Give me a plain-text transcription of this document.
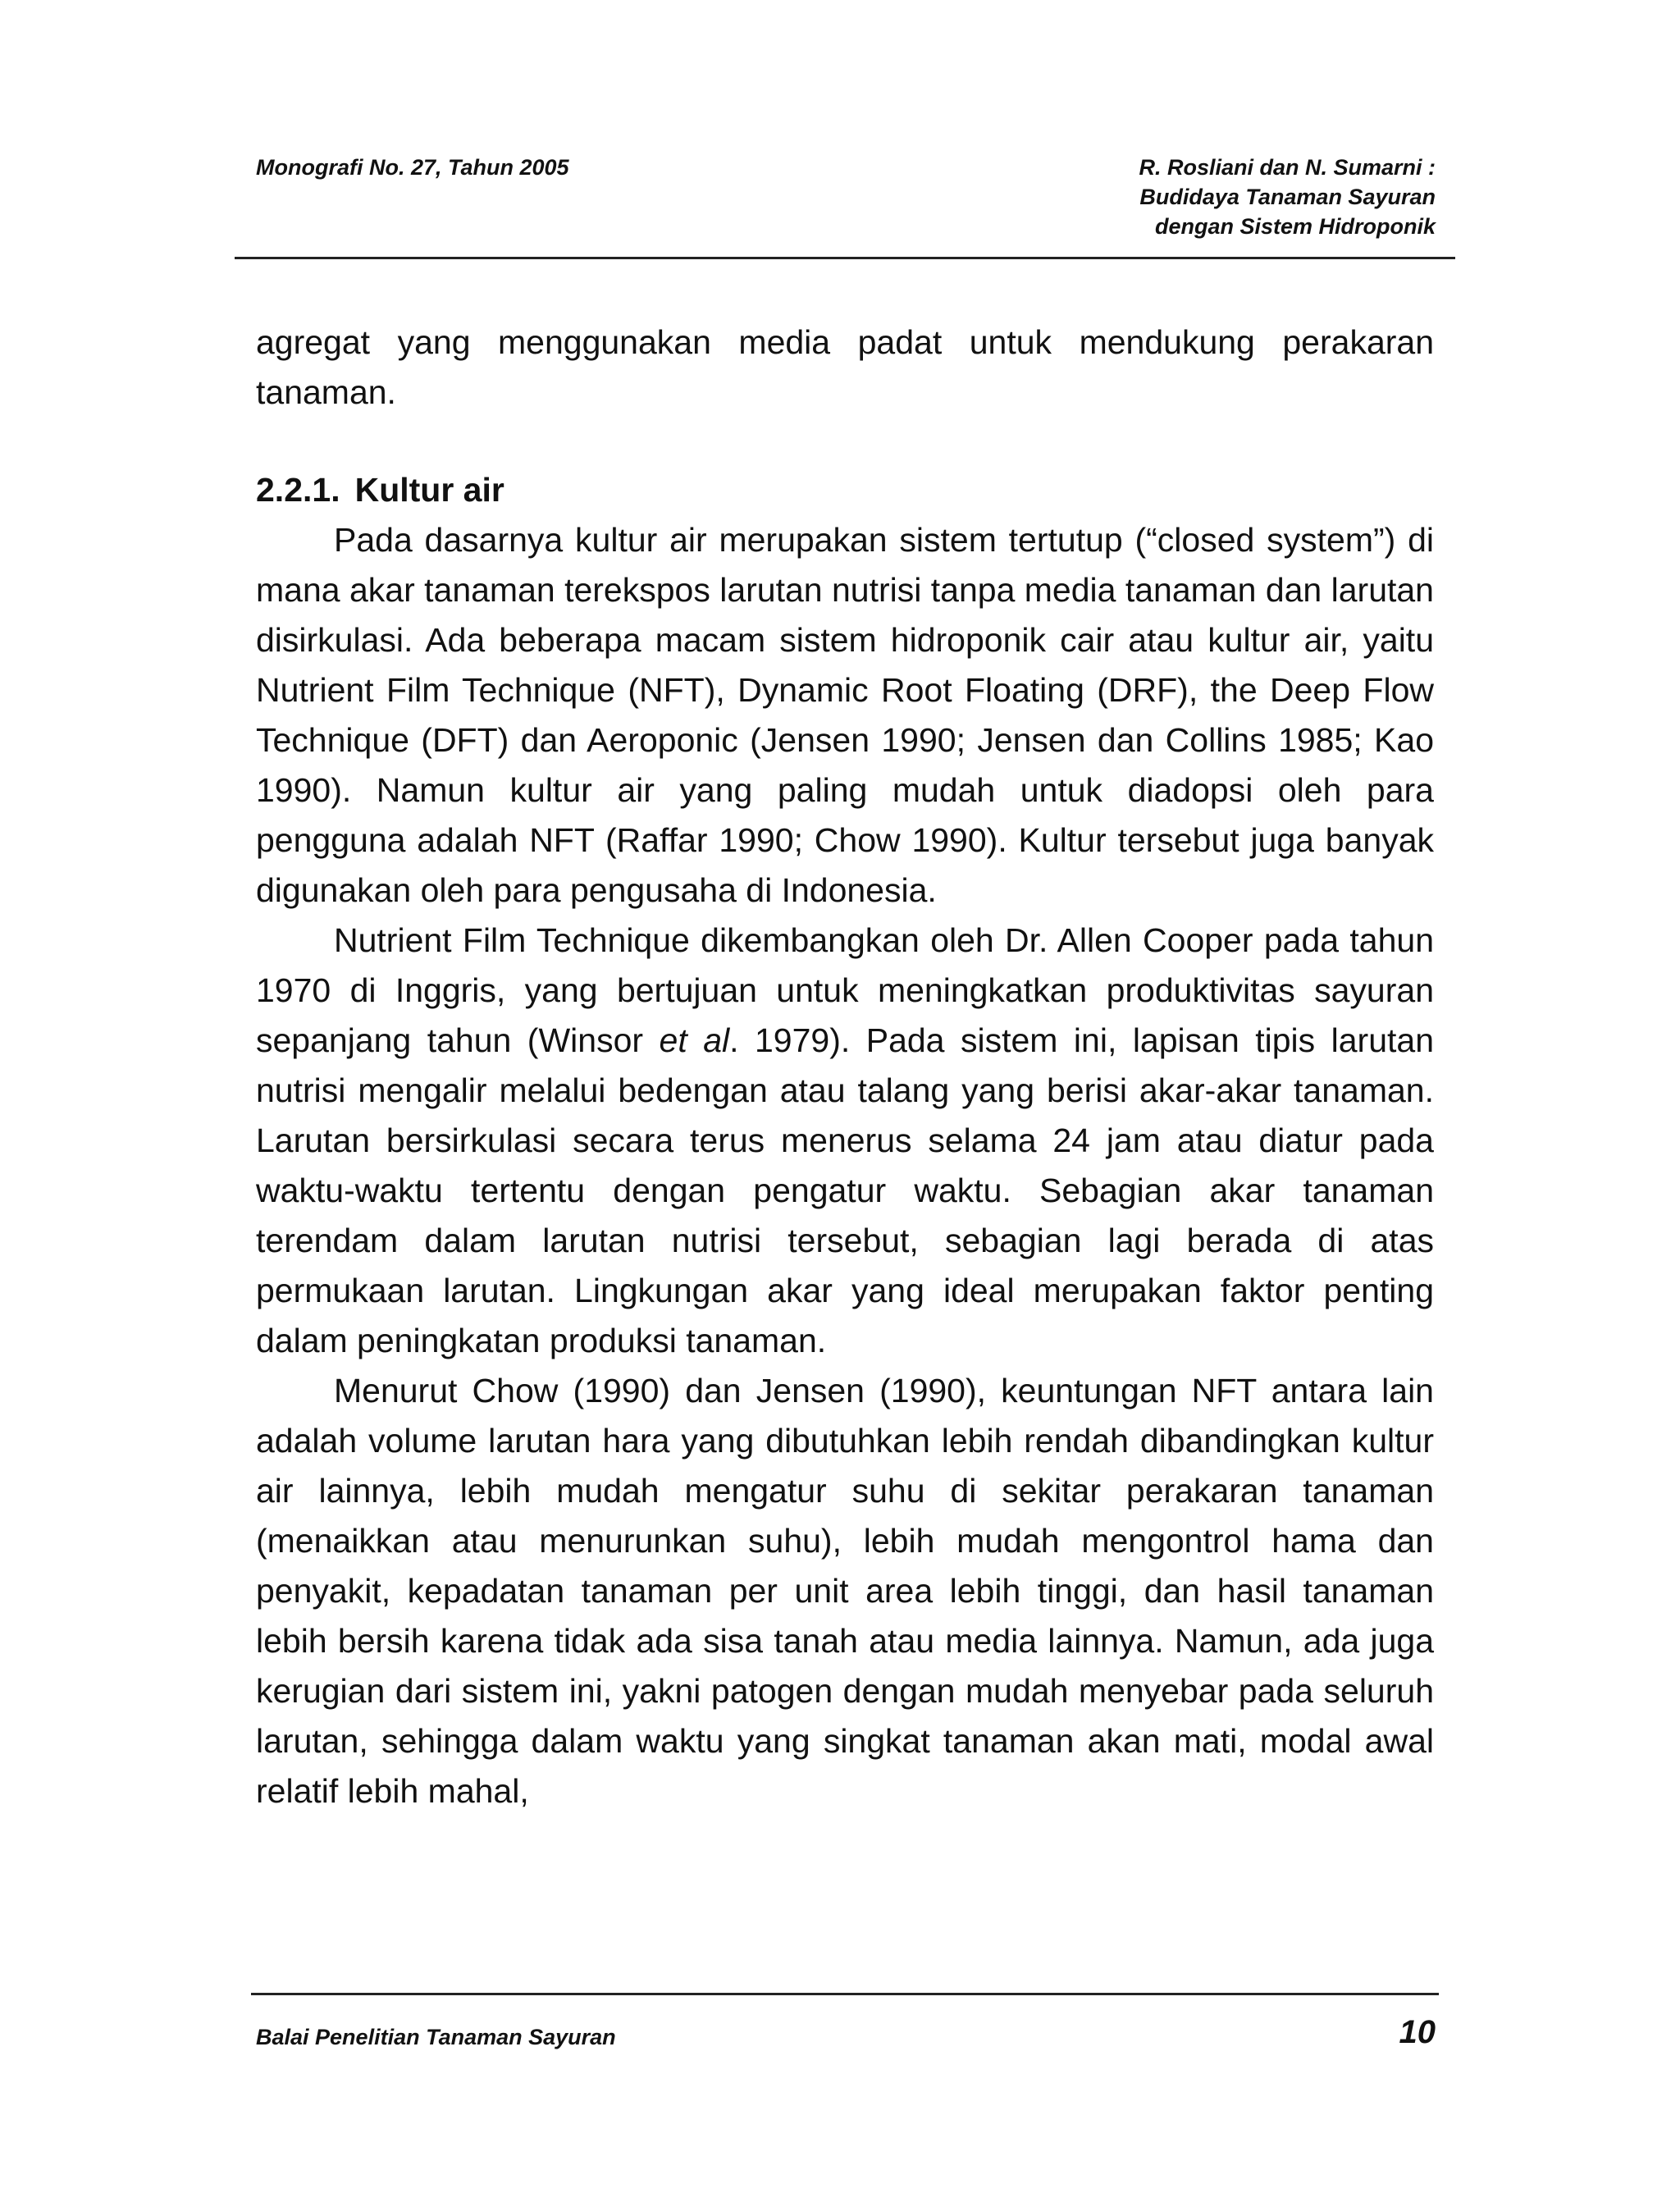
Monografi No. 27, Tahun 2005	R. Rosliani dan N. Sumarni :
Budidaya Tanaman Sayuran
dengan Sistem Hidroponik

agregat yang menggunakan media padat untuk mendukung perakaran tanaman.

2.2.1. Kultur air

Pada dasarnya kultur air merupakan sistem tertutup (“closed system”) di mana akar tanaman terekspos larutan nutrisi tanpa media tanaman dan larutan disirkulasi. Ada beberapa macam sistem hidroponik cair atau kultur air, yaitu Nutrient Film Technique (NFT), Dynamic Root Floating (DRF), the Deep Flow Technique (DFT) dan Aeroponic (Jensen 1990; Jensen dan Collins 1985; Kao 1990). Namun kultur air yang paling mudah untuk diadopsi oleh para pengguna adalah NFT (Raffar 1990; Chow 1990). Kultur tersebut juga banyak digunakan oleh para pengusaha di Indonesia.

Nutrient Film Technique dikembangkan oleh Dr. Allen Cooper pada tahun 1970 di Inggris, yang bertujuan untuk meningkatkan produktivitas sayuran sepanjang tahun (Winsor et al. 1979). Pada sistem ini, lapisan tipis larutan nutrisi mengalir melalui bedengan atau talang yang berisi akar-akar tanaman. Larutan bersirkulasi secara terus menerus selama 24 jam atau diatur pada waktu-waktu tertentu dengan pengatur waktu. Sebagian akar tanaman terendam dalam larutan nutrisi tersebut, sebagian lagi berada di atas permukaan larutan. Lingkungan akar yang ideal merupakan faktor penting dalam peningkatan produksi tanaman.

Menurut Chow (1990) dan Jensen (1990), keuntungan NFT antara lain adalah volume larutan hara yang dibutuhkan lebih rendah dibandingkan kultur air lainnya, lebih mudah mengatur suhu di sekitar perakaran tanaman (menaikkan atau menurunkan suhu), lebih mudah mengontrol hama dan penyakit, kepadatan tanaman per unit area lebih tinggi, dan hasil tanaman lebih bersih karena tidak ada sisa tanah atau media lainnya. Namun, ada juga kerugian dari sistem ini, yakni patogen dengan mudah menyebar pada seluruh larutan, sehingga dalam waktu yang singkat tanaman akan mati, modal awal relatif lebih mahal,

Balai Penelitian Tanaman Sayuran	10
